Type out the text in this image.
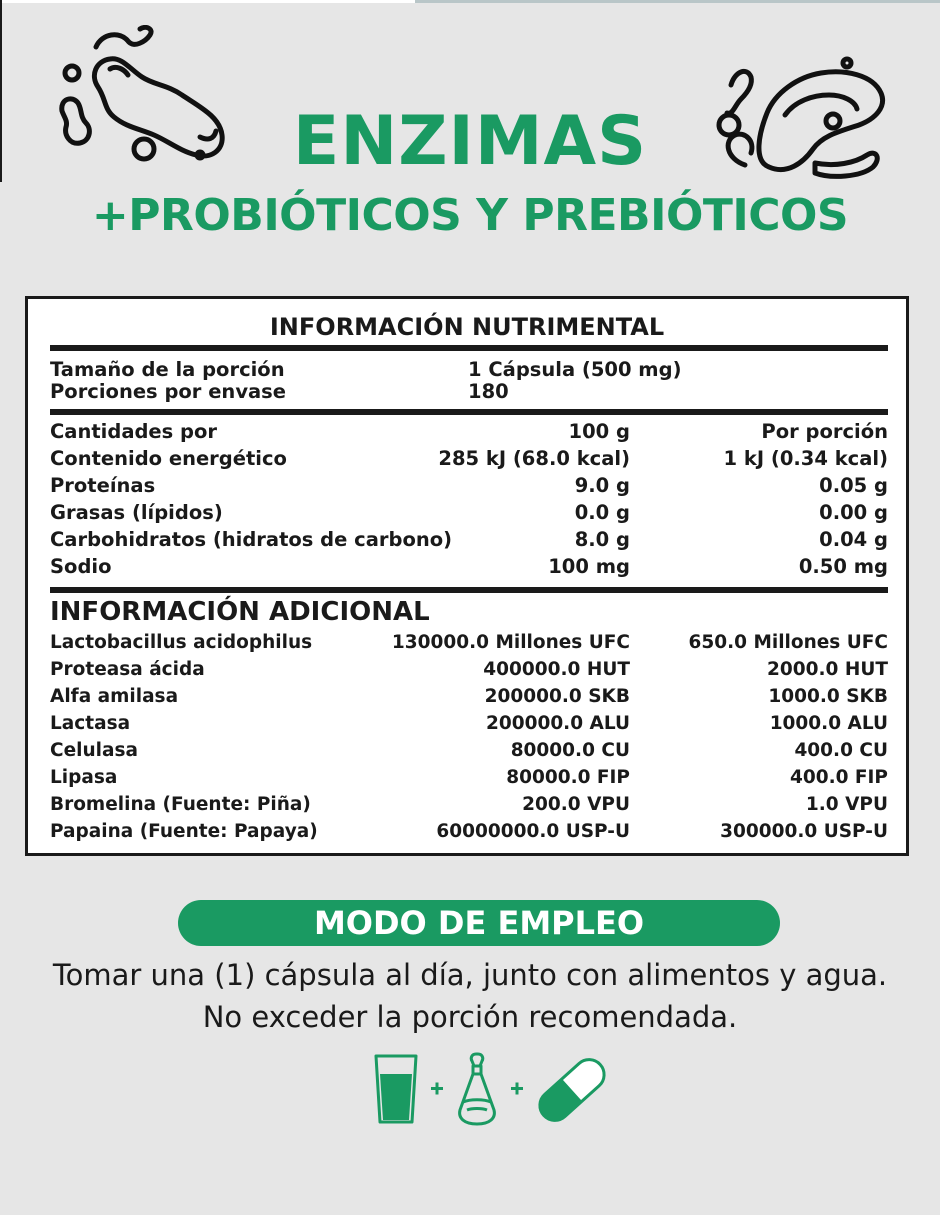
ENZIMAS
+PROBIÓTICOS Y PREBIÓTICOS
INFORMACIÓN NUTRIMENTAL
Tamaño de la porción	1 Cápsula (500 mg)
Porciones por envase	180
Cantidades por	100 g	Por porción
Contenido energético	285 kJ (68.0 kcal)	1 kJ (0.34 kcal)
Proteínas	9.0 g	0.05 g
Grasas (lípidos)	0.0 g	0.00 g
Carbohidratos (hidratos de carbono)	8.0 g	0.04 g
Sodio	100 mg	0.50 mg
INFORMACIÓN ADICIONAL
Lactobacillus acidophilus	130000.0 Millones UFC	650.0 Millones UFC
Proteasa ácida	400000.0 HUT	2000.0 HUT
Alfa amilasa	200000.0 SKB	1000.0 SKB
Lactasa	200000.0 ALU	1000.0 ALU
Celulasa	80000.0 CU	400.0 CU
Lipasa	80000.0 FIP	400.0 FIP
Bromelina (Fuente: Piña)	200.0 VPU	1.0 VPU
Papaina (Fuente: Papaya)	60000000.0 USP-U	300000.0 USP-U
MODO DE EMPLEO

Tomar una (1) cápsula al día, junto con alimentos y agua.

No exceder la porción recomendada.
